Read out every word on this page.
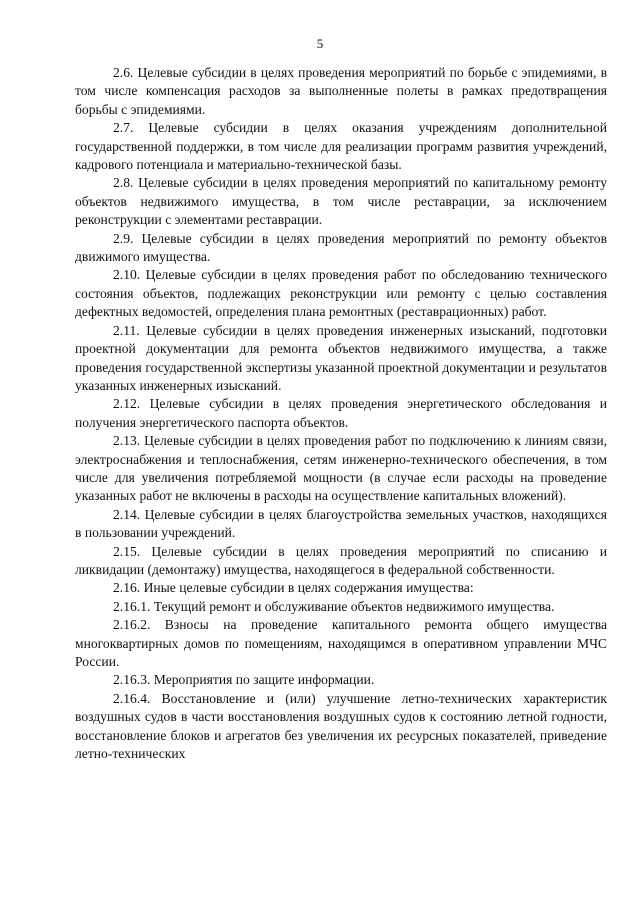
5

2.6. Целевые субсидии в целях проведения мероприятий по борьбе с эпидемиями, в том числе компенсация расходов за выполненные полеты в рамках предотвращения борьбы с эпидемиями.

2.7. Целевые субсидии в целях оказания учреждениям дополнительной государственной поддержки, в том числе для реализации программ развития учреждений, кадрового потенциала и материально-технической базы.

2.8. Целевые субсидии в целях проведения мероприятий по капитальному ремонту объектов недвижимого имущества, в том числе реставрации, за исключением реконструкции с элементами реставрации.

2.9. Целевые субсидии в целях проведения мероприятий по ремонту объектов движимого имущества.

2.10. Целевые субсидии в целях проведения работ по обследованию технического состояния объектов, подлежащих реконструкции или ремонту с целью составления дефектных ведомостей, определения плана ремонтных (реставрационных) работ.

2.11. Целевые субсидии в целях проведения инженерных изысканий, подготовки проектной документации для ремонта объектов недвижимого имущества, а также проведения государственной экспертизы указанной проектной документации и результатов указанных инженерных изысканий.

2.12. Целевые субсидии в целях проведения энергетического обследования и получения энергетического паспорта объектов.

2.13. Целевые субсидии в целях проведения работ по подключению к линиям связи, электроснабжения и теплоснабжения, сетям инженерно-технического обеспечения, в том числе для увеличения потребляемой мощности (в случае если расходы на проведение указанных работ не включены в расходы на осуществление капитальных вложений).

2.14. Целевые субсидии в целях благоустройства земельных участков, находящихся в пользовании учреждений.

2.15. Целевые субсидии в целях проведения мероприятий по списанию и ликвидации (демонтажу) имущества, находящегося в федеральной собственности.

2.16. Иные целевые субсидии в целях содержания имущества:

2.16.1. Текущий ремонт и обслуживание объектов недвижимого имущества.

2.16.2. Взносы на проведение капитального ремонта общего имущества многоквартирных домов по помещениям, находящимся в оперативном управлении МЧС России.

2.16.3. Мероприятия по защите информации.

2.16.4. Восстановление и (или) улучшение летно-технических характеристик воздушных судов в части восстановления воздушных судов к состоянию летной годности, восстановление блоков и агрегатов без увеличения их ресурсных показателей, приведение летно-технических
